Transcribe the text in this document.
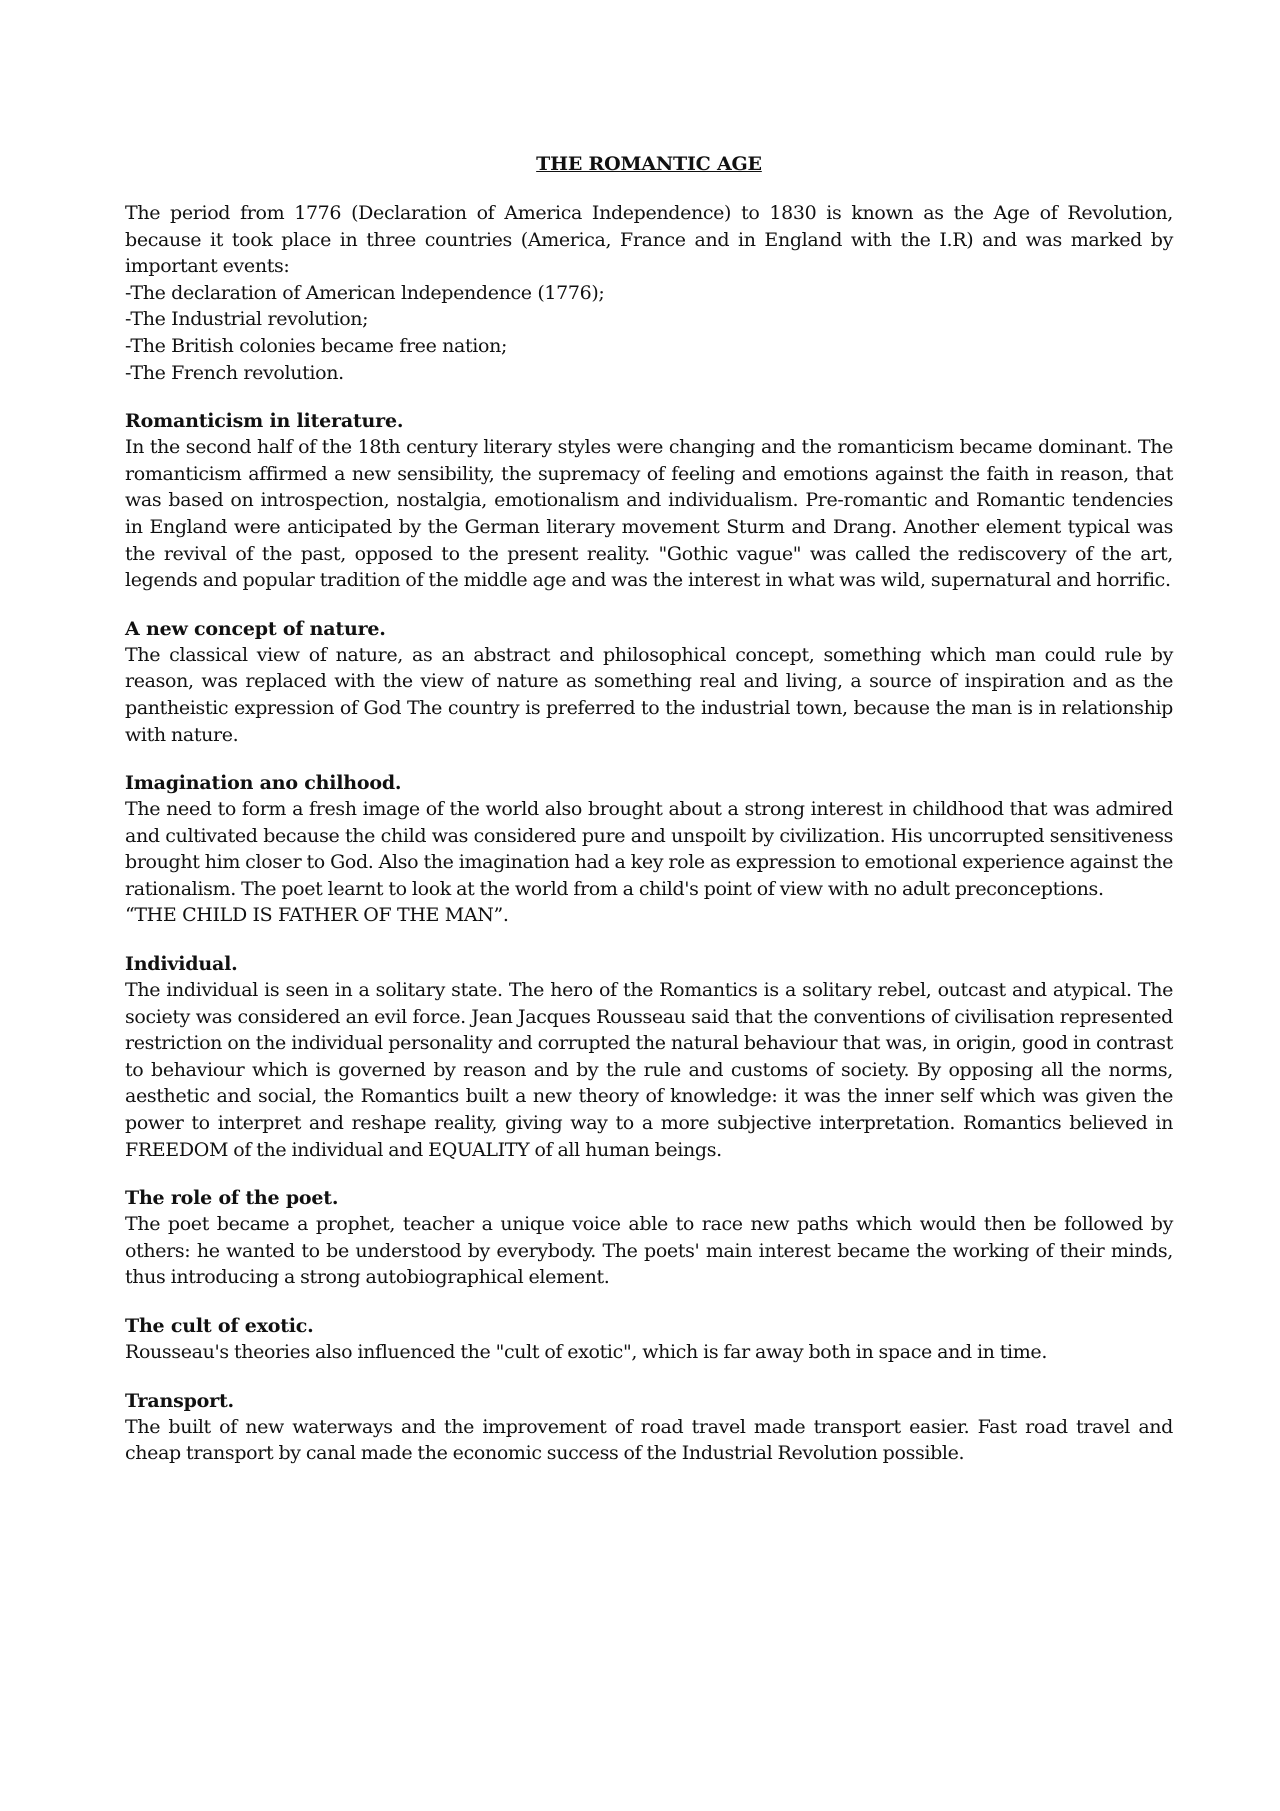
THE ROMANTIC AGE

The period from 1776 (Declaration of America Independence) to 1830 is known as the Age of Revolution, because it took place in three countries (America, France and in England with the I.R) and was marked by important events:

-The declaration of American lndependence (1776);

-The Industrial revolution;

-The British colonies became free nation;

-The French revolution.

Romanticism in literature.

In the second half of the 18th century literary styles were changing and the romanticism became dominant. The romanticism affirmed a new sensibility, the supremacy of feeling and emotions against the faith in reason, that was based on introspection, nostalgia, emotionalism and individualism. Pre-romantic and Romantic tendencies in England were anticipated by the German literary movement Sturm and Drang. Another element typical was the revival of the past, opposed to the present reality. "Gothic vague" was called the rediscovery of the art, legends and popular tradition of the middle age and was the interest in what was wild, supernatural and horrific.

A new concept of nature.

The classical view of nature, as an abstract and philosophical concept, something which man could rule by reason, was replaced with the view of nature as something real and living, a source of inspiration and as the pantheistic expression of God The country is preferred to the industrial town, because the man is in relationship with nature.

Imagination ano chilhood.

The need to form a fresh image of the world also brought about a strong interest in childhood that was admired and cultivated because the child was considered pure and unspoilt by civilization. His uncorrupted sensitiveness brought him closer to God. Also the imagination had a key role as expression to emotional experience against the rationalism. The poet learnt to look at the world from a child's point of view with no adult preconceptions.

“THE CHILD IS FATHER OF THE MAN”.

Individual.

The individual is seen in a solitary state. The hero of the Romantics is a solitary rebel, outcast and atypical. The society was considered an evil force. Jean Jacques Rousseau said that the conventions of civilisation represented restriction on the individual personality and corrupted the natural behaviour that was, in origin, good in contrast to behaviour which is governed by reason and by the rule and customs of society. By opposing all the norms, aesthetic and social, the Romantics built a new theory of knowledge: it was the inner self which was given the power to interpret and reshape reality, giving way to a more subjective interpretation. Romantics believed in FREEDOM of the individual and EQUALITY of all human beings.

The role of the poet.

The poet became a prophet, teacher a unique voice able to race new paths which would then be followed by others: he wanted to be understood by everybody. The poets' main interest became the working of their minds, thus introducing a strong autobiographical element.

The cult of exotic.

Rousseau's theories also influenced the "cult of exotic", which is far away both in space and in time.

Transport.

The built of new waterways and the improvement of road travel made transport easier. Fast road travel and cheap transport by canal made the economic success of the Industrial Revolution possible.
